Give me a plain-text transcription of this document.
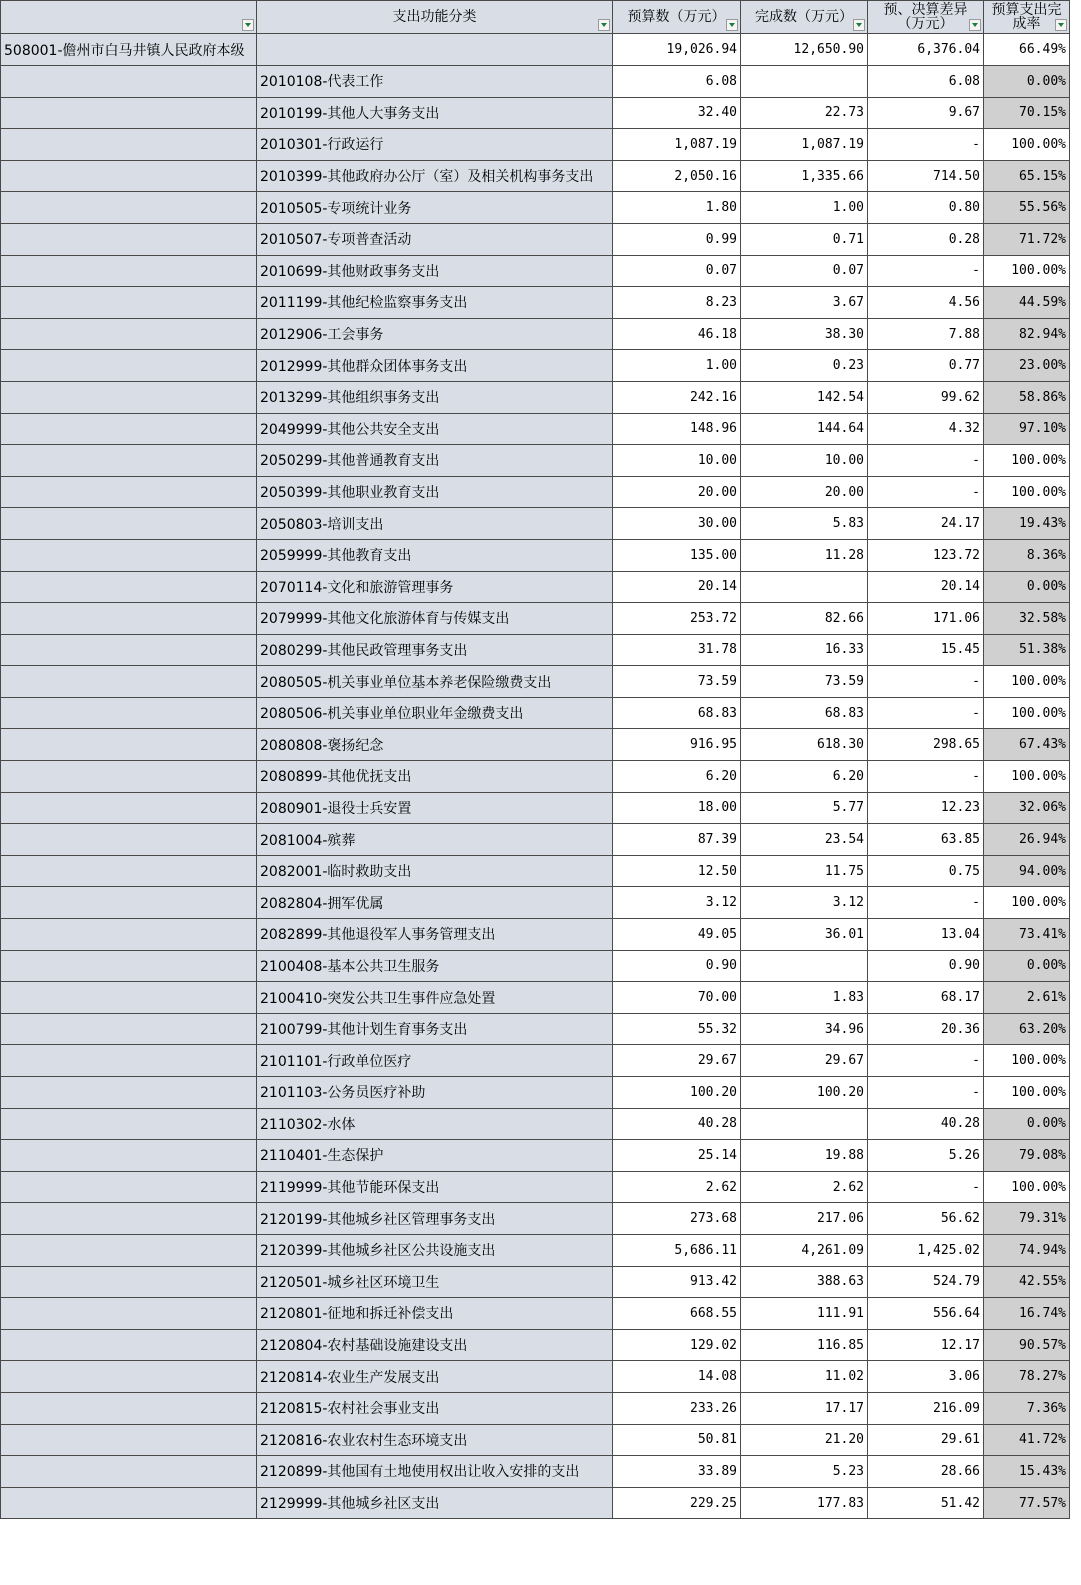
	支出功能分类	预算数（万元）	完成数（万元）	预、决算差异（万元）	预算支出完成率

508001-儋州市白马井镇人民政府本级		19,026.94	12,650.90	6,376.04	66.49%
	2010108-代表工作	6.08		6.08	0.00%
	2010199-其他人大事务支出	32.40	22.73	9.67	70.15%
	2010301-行政运行	1,087.19	1,087.19	-	100.00%
	2010399-其他政府办公厅（室）及相关机构事务支出	2,050.16	1,335.66	714.50	65.15%
	2010505-专项统计业务	1.80	1.00	0.80	55.56%
	2010507-专项普查活动	0.99	0.71	0.28	71.72%
	2010699-其他财政事务支出	0.07	0.07	-	100.00%
	2011199-其他纪检监察事务支出	8.23	3.67	4.56	44.59%
	2012906-工会事务	46.18	38.30	7.88	82.94%
	2012999-其他群众团体事务支出	1.00	0.23	0.77	23.00%
	2013299-其他组织事务支出	242.16	142.54	99.62	58.86%
	2049999-其他公共安全支出	148.96	144.64	4.32	97.10%
	2050299-其他普通教育支出	10.00	10.00	-	100.00%
	2050399-其他职业教育支出	20.00	20.00	-	100.00%
	2050803-培训支出	30.00	5.83	24.17	19.43%
	2059999-其他教育支出	135.00	11.28	123.72	8.36%
	2070114-文化和旅游管理事务	20.14		20.14	0.00%
	2079999-其他文化旅游体育与传媒支出	253.72	82.66	171.06	32.58%
	2080299-其他民政管理事务支出	31.78	16.33	15.45	51.38%
	2080505-机关事业单位基本养老保险缴费支出	73.59	73.59	-	100.00%
	2080506-机关事业单位职业年金缴费支出	68.83	68.83	-	100.00%
	2080808-褒扬纪念	916.95	618.30	298.65	67.43%
	2080899-其他优抚支出	6.20	6.20	-	100.00%
	2080901-退役士兵安置	18.00	5.77	12.23	32.06%
	2081004-殡葬	87.39	23.54	63.85	26.94%
	2082001-临时救助支出	12.50	11.75	0.75	94.00%
	2082804-拥军优属	3.12	3.12	-	100.00%
	2082899-其他退役军人事务管理支出	49.05	36.01	13.04	73.41%
	2100408-基本公共卫生服务	0.90		0.90	0.00%
	2100410-突发公共卫生事件应急处置	70.00	1.83	68.17	2.61%
	2100799-其他计划生育事务支出	55.32	34.96	20.36	63.20%
	2101101-行政单位医疗	29.67	29.67	-	100.00%
	2101103-公务员医疗补助	100.20	100.20	-	100.00%
	2110302-水体	40.28		40.28	0.00%
	2110401-生态保护	25.14	19.88	5.26	79.08%
	2119999-其他节能环保支出	2.62	2.62	-	100.00%
	2120199-其他城乡社区管理事务支出	273.68	217.06	56.62	79.31%
	2120399-其他城乡社区公共设施支出	5,686.11	4,261.09	1,425.02	74.94%
	2120501-城乡社区环境卫生	913.42	388.63	524.79	42.55%
	2120801-征地和拆迁补偿支出	668.55	111.91	556.64	16.74%
	2120804-农村基础设施建设支出	129.02	116.85	12.17	90.57%
	2120814-农业生产发展支出	14.08	11.02	3.06	78.27%
	2120815-农村社会事业支出	233.26	17.17	216.09	7.36%
	2120816-农业农村生态环境支出	50.81	21.20	29.61	41.72%
	2120899-其他国有土地使用权出让收入安排的支出	33.89	5.23	28.66	15.43%
	2129999-其他城乡社区支出	229.25	177.83	51.42	77.57%
